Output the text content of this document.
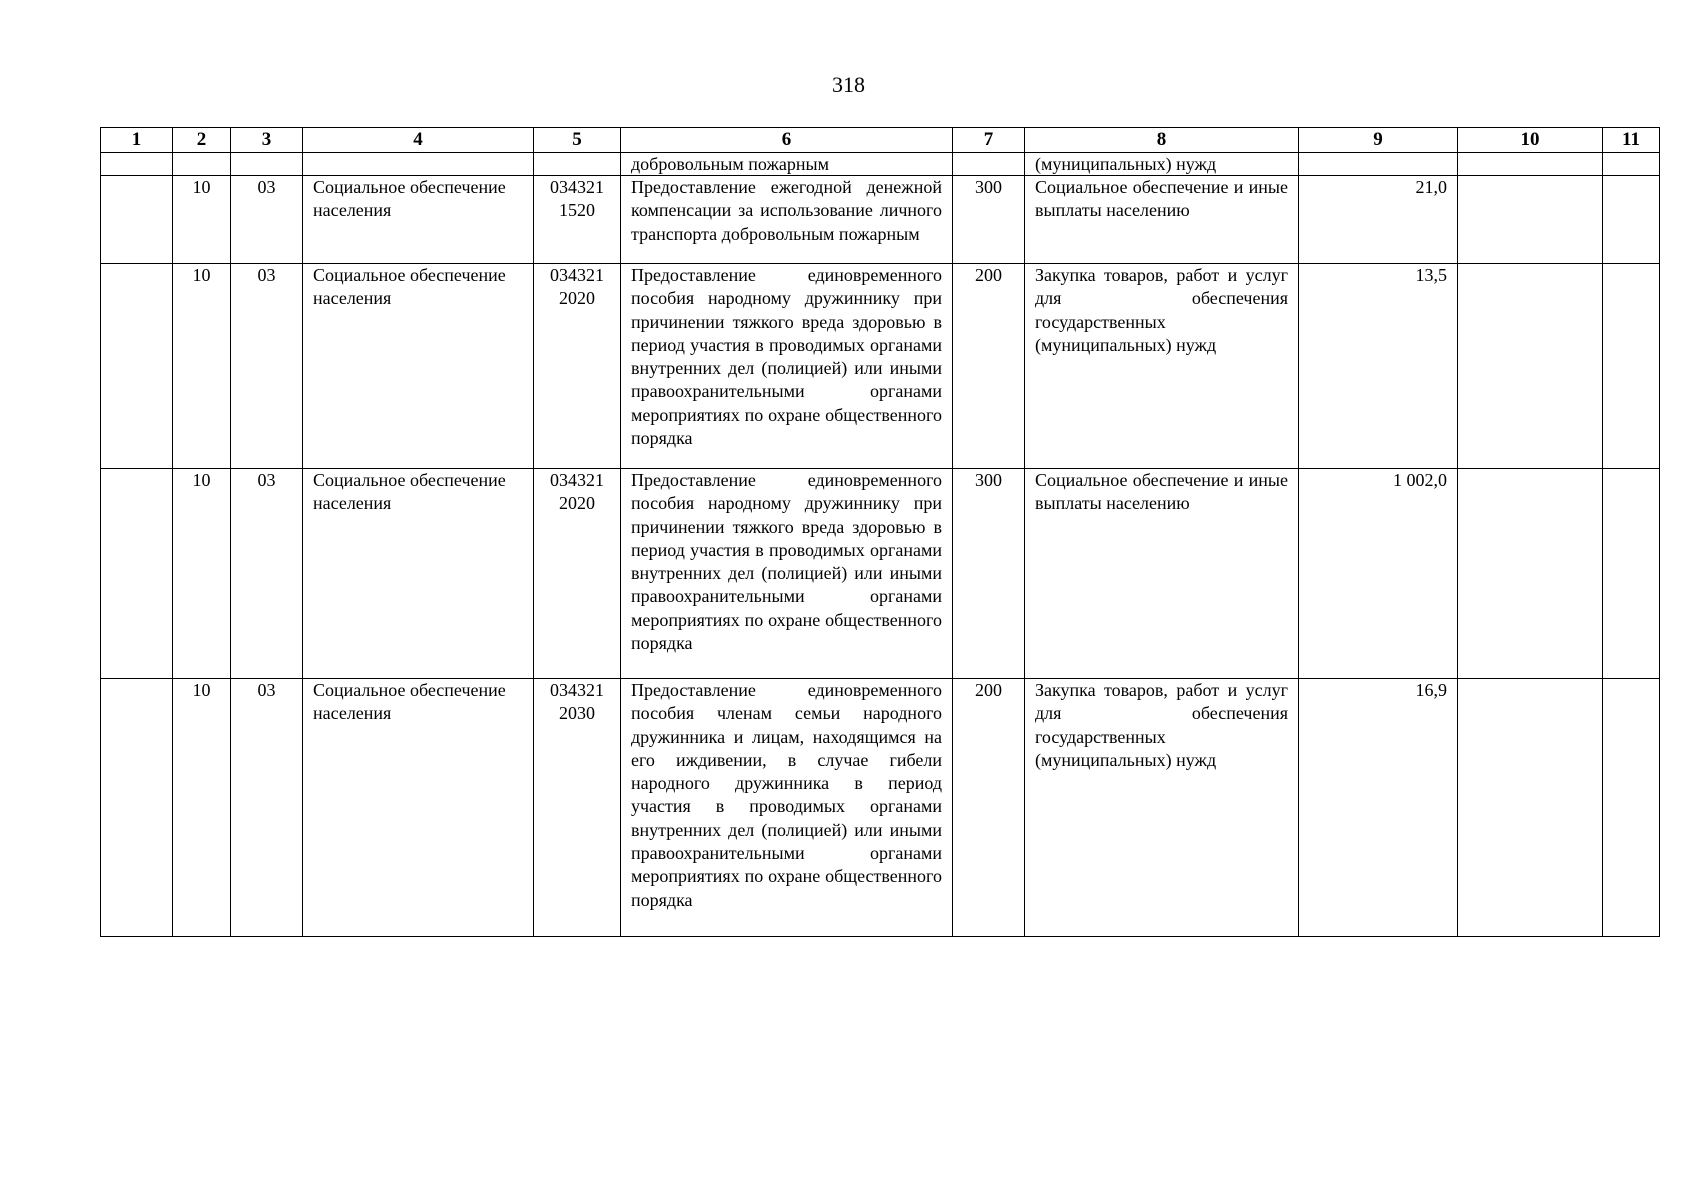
318
1	2	3	4	5	6	7	8	9	10	11
					добровольным пожарным		(муниципальных) нужд			
	10	03	Социальное обеспечение населения	034321 1520	Предоставление ежегодной денежной компенсации за использование личного транспорта добровольным пожарным	300	Социальное обеспечение и иные выплаты населению	21,0		
	10	03	Социальное обеспечение населения	034321 2020	Предоставление единовременного пособия народному дружиннику при причинении тяжкого вреда здоровью в период участия в проводимых органами внутренних дел (полицией) или иными правоохранительными органами мероприятиях по охране общественного порядка	200	Закупка товаров, работ и услуг для обеспечения государственных (муниципальных) нужд	13,5		
	10	03	Социальное обеспечение населения	034321 2020	Предоставление единовременного пособия народному дружиннику при причинении тяжкого вреда здоровью в период участия в проводимых органами внутренних дел (полицией) или иными правоохранительными органами мероприятиях по охране общественного порядка	300	Социальное обеспечение и иные выплаты населению	1 002,0		
	10	03	Социальное обеспечение населения	034321 2030	Предоставление единовременного пособия членам семьи народного дружинника и лицам, находящимся на его иждивении, в случае гибели народного дружинника в период участия в проводимых органами внутренних дел (полицией) или иными правоохранительными органами мероприятиях по охране общественного порядка	200	Закупка товаров, работ и услуг для обеспечения государственных (муниципальных) нужд	16,9		
